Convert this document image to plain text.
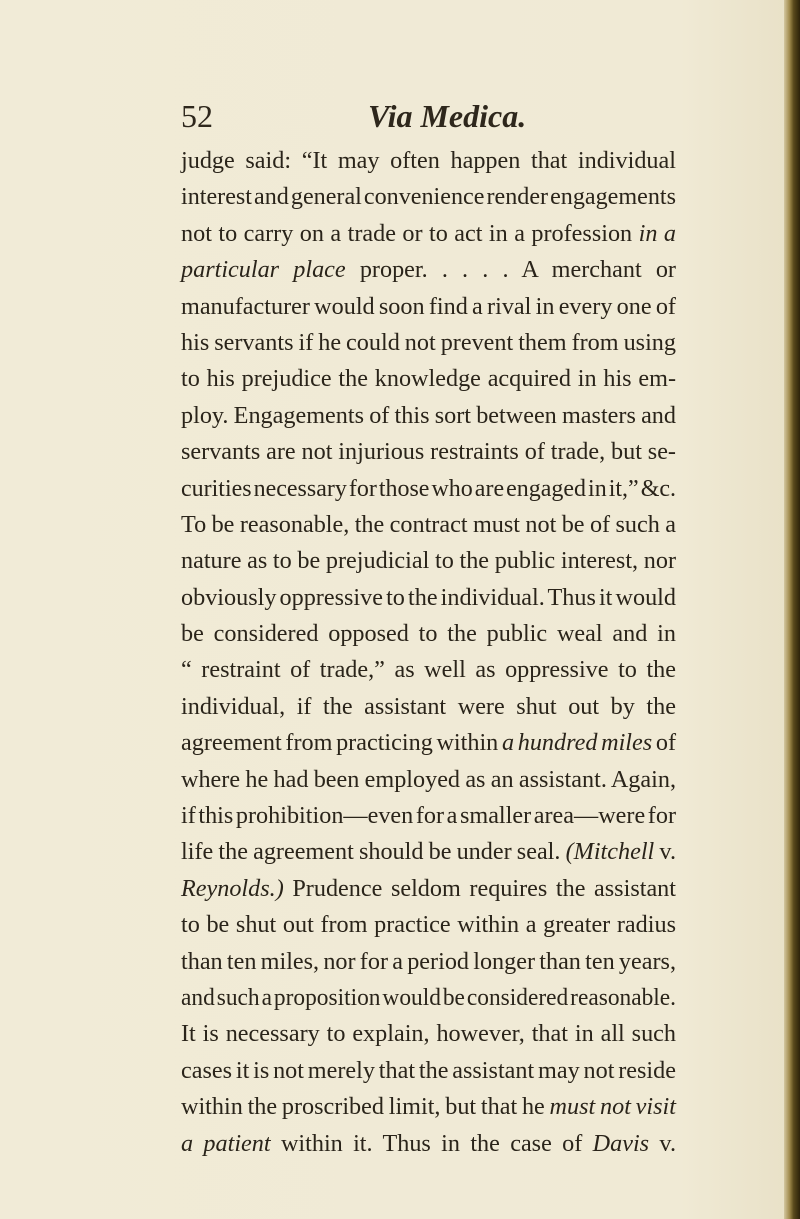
52	Via Medica.
judge said: “It may often happen that individual
interest and general convenience render engagements
not to carry on a trade or to act in a profession in a
particular place proper. . . . . A merchant or
manufacturer would soon find a rival in every one of
his servants if he could not prevent them from using
to his prejudice the knowledge acquired in his em-
ploy. Engagements of this sort between masters and
servants are not injurious restraints of trade, but se-
curities necessary for those who are engaged in it,” &c.
To be reasonable, the contract must not be of such a
nature as to be prejudicial to the public interest, nor
obviously oppressive to the individual. Thus it would
be considered opposed to the public weal and in
“ restraint of trade,” as well as oppressive to the
individual, if the assistant were shut out by the
agreement from practicing within a hundred miles of
where he had been employed as an assistant. Again,
if this prohibition—even for a smaller area—were for
life the agreement should be under seal. (Mitchell v.
Reynolds.) Prudence seldom requires the assistant
to be shut out from practice within a greater radius
than ten miles, nor for a period longer than ten years,
and such a proposition would be considered reasonable.
It is necessary to explain, however, that in all such
cases it is not merely that the assistant may not reside
within the proscribed limit, but that he must not visit
a patient within it. Thus in the case of Davis v.
